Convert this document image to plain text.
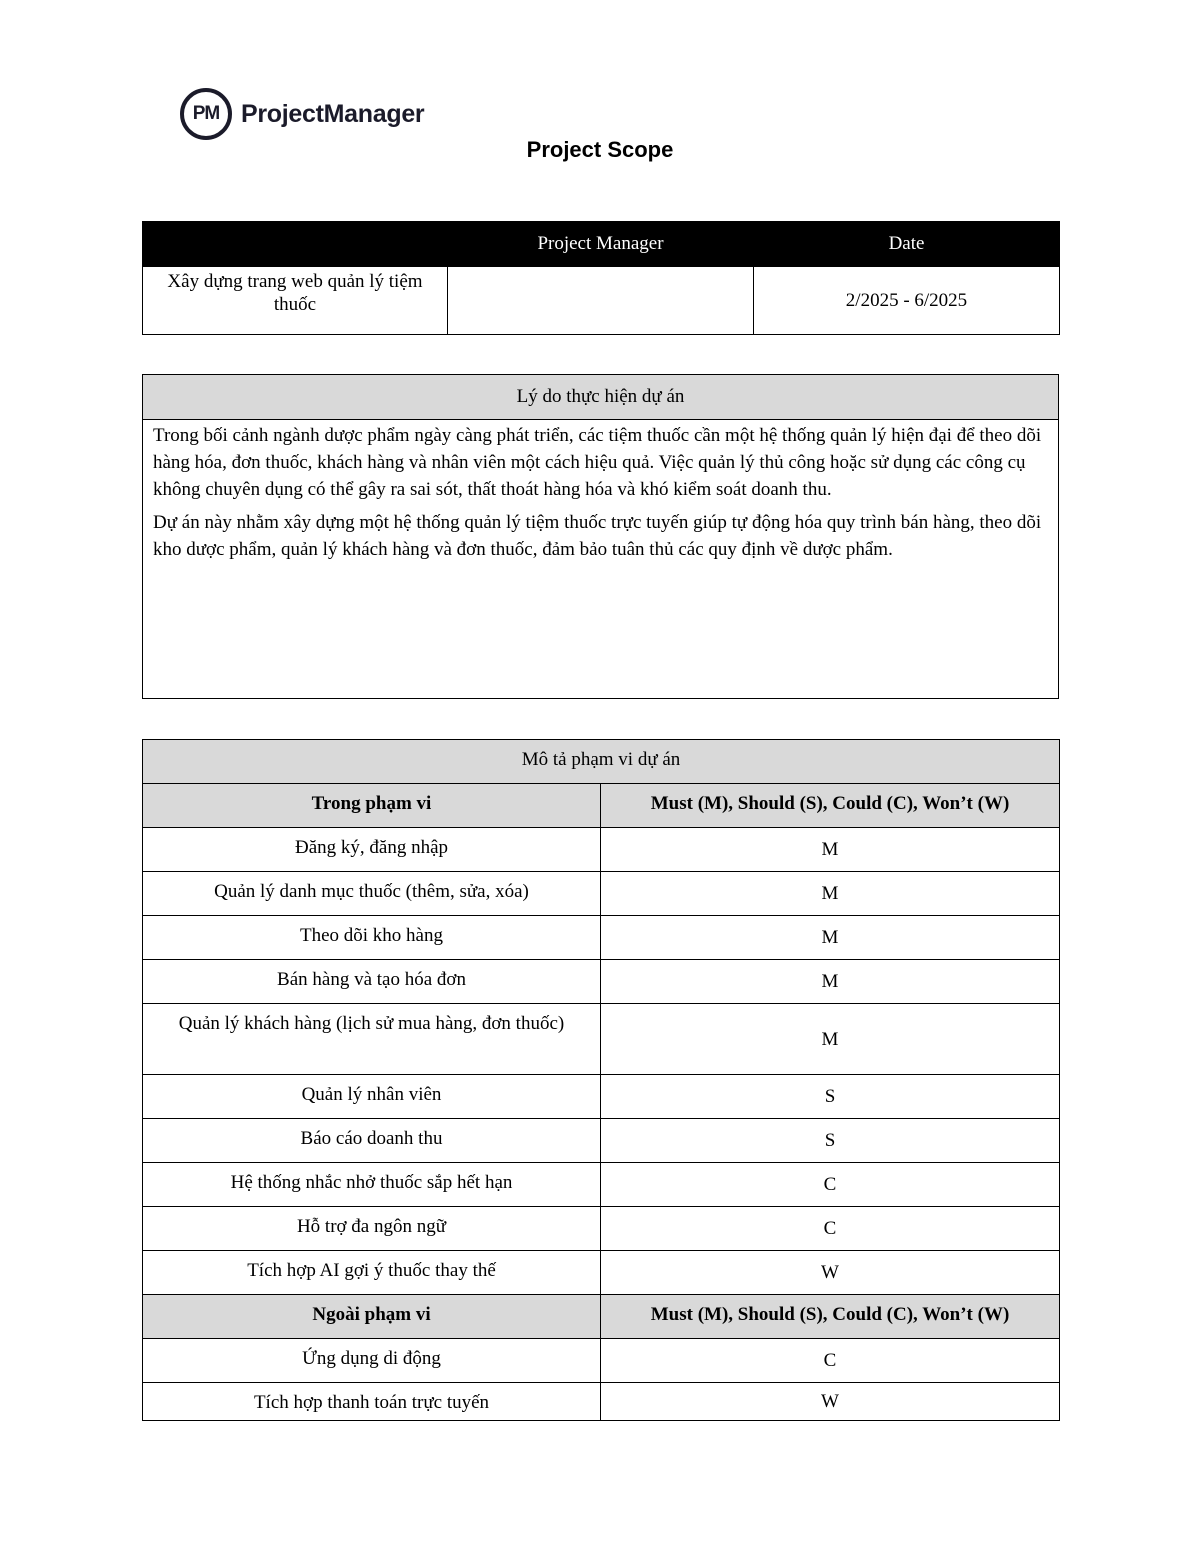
PM ProjectManager
Project Scope
	Project Manager	Date
Xây dựng trang web quản lý tiệm thuốc		2/2025 - 6/2025
Lý do thực hiện dự án

Trong bối cảnh ngành dược phẩm ngày càng phát triển, các tiệm thuốc cần một hệ thống quản lý hiện đại để theo dõi hàng hóa, đơn thuốc, khách hàng và nhân viên một cách hiệu quả. Việc quản lý thủ công hoặc sử dụng các công cụ không chuyên dụng có thể gây ra sai sót, thất thoát hàng hóa và khó kiểm soát doanh thu.

Dự án này nhằm xây dựng một hệ thống quản lý tiệm thuốc trực tuyến giúp tự động hóa quy trình bán hàng, theo dõi kho dược phẩm, quản lý khách hàng và đơn thuốc, đảm bảo tuân thủ các quy định về dược phẩm.

Mô tả phạm vi dự án	
Trong phạm vi	Must (M), Should (S), Could (C), Won’t (W)
Đăng ký, đăng nhập	M
Quản lý danh mục thuốc (thêm, sửa, xóa)	M
Theo dõi kho hàng	M
Bán hàng và tạo hóa đơn	M
Quản lý khách hàng (lịch sử mua hàng, đơn thuốc)	M
Quản lý nhân viên	S
Báo cáo doanh thu	S
Hệ thống nhắc nhở thuốc sắp hết hạn	C
Hỗ trợ đa ngôn ngữ	C
Tích hợp AI gợi ý thuốc thay thế	W
Ngoài phạm vi	Must (M), Should (S), Could (C), Won’t (W)
Ứng dụng di động	C
Tích hợp thanh toán trực tuyến	W
